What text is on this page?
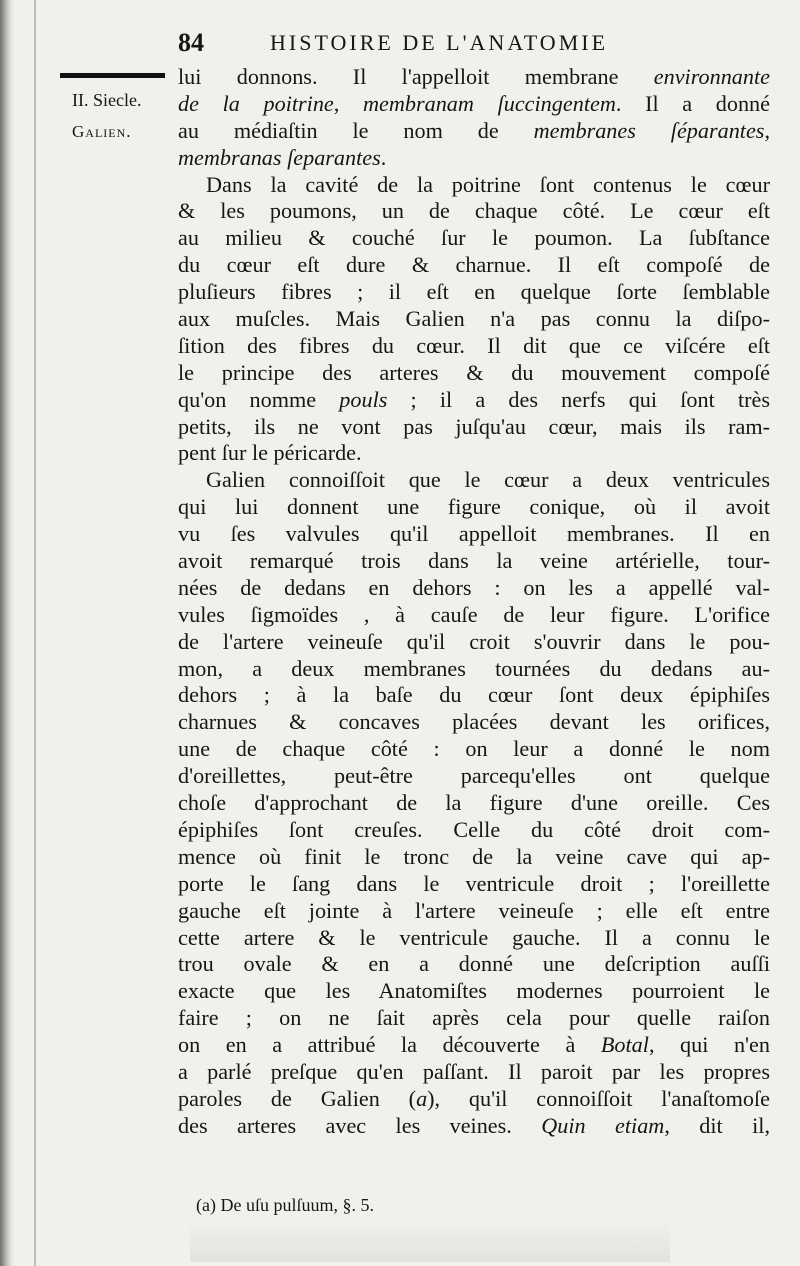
84	HISTOIRE DE L'ANATOMIE
II. Siecle.
Galien.
lui donnons. Il l'appelloit membrane environnante
de la poitrine, membranam ſuccingentem. Il a donné
au médiaſtin le nom de membranes ſéparantes,
membranas ſeparantes.
Dans la cavité de la poitrine ſont contenus le cœur
& les poumons, un de chaque côté. Le cœur eſt
au milieu & couché ſur le poumon. La ſubſtance
du cœur eſt dure & charnue. Il eſt compoſé de
pluſieurs fibres ; il eſt en quelque ſorte ſemblable
aux muſcles. Mais Galien n'a pas connu la diſpo-
ſition des fibres du cœur. Il dit que ce viſcére eſt
le principe des arteres & du mouvement compoſé
qu'on nomme pouls ; il a des nerfs qui ſont très
petits, ils ne vont pas juſqu'au cœur, mais ils ram-
pent ſur le péricarde.
Galien connoiſſoit que le cœur a deux ventricules
qui lui donnent une figure conique, où il avoit
vu ſes valvules qu'il appelloit membranes. Il en
avoit remarqué trois dans la veine artérielle, tour-
nées de dedans en dehors : on les a appellé val-
vules ſigmoïdes , à cauſe de leur figure. L'orifice
de l'artere veineuſe qu'il croit s'ouvrir dans le pou-
mon, a deux membranes tournées du dedans au-
dehors ; à la baſe du cœur ſont deux épiphiſes
charnues & concaves placées devant les orifices,
une de chaque côté : on leur a donné le nom
d'oreillettes, peut-être parcequ'elles ont quelque
choſe d'approchant de la figure d'une oreille. Ces
épiphiſes ſont creuſes. Celle du côté droit com-
mence où finit le tronc de la veine cave qui ap-
porte le ſang dans le ventricule droit ; l'oreillette
gauche eſt jointe à l'artere veineuſe ; elle eſt entre
cette artere & le ventricule gauche. Il a connu le
trou ovale & en a donné une deſcription auſſi
exacte que les Anatomiſtes modernes pourroient le
faire ; on ne ſait après cela pour quelle raiſon
on en a attribué la découverte à Botal, qui n'en
a parlé preſque qu'en paſſant. Il paroit par les propres
paroles de Galien (a), qu'il connoiſſoit l'anaſtomoſe
des arteres avec les veines. Quin etiam, dit il,
(a) De uſu pulſuum, §. 5.
